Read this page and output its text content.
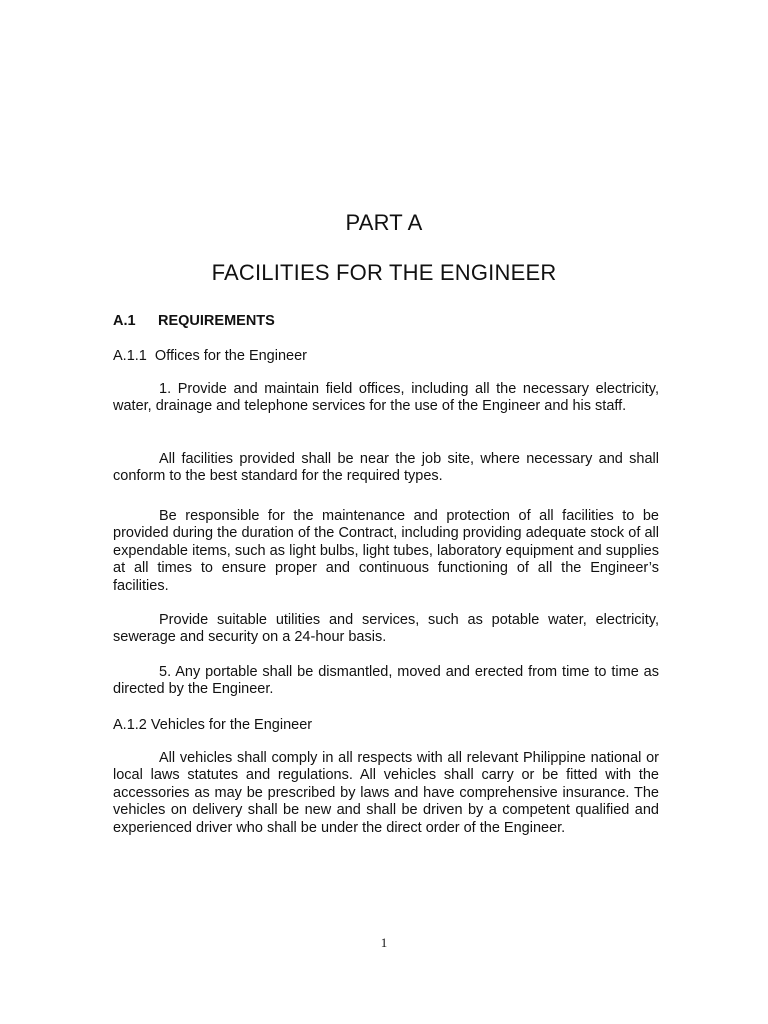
PART A
FACILITIES FOR THE ENGINEER
A.1 REQUIREMENTS
A.1.1  Offices for the Engineer

1. Provide and maintain field offices, including all the necessary electricity, water, drainage and telephone services for the use of the Engineer and his staff.

All facilities provided shall be near the job site, where necessary and shall conform to the best standard for the required types.

Be responsible for the maintenance and protection of all facilities to be provided during the duration of the Contract, including providing adequate stock of all expendable items, such as light bulbs, light tubes, laboratory equipment and supplies at all times to ensure proper and continuous functioning of all the Engineer’s facilities.

Provide suitable utilities and services, such as potable water, electricity, sewerage and security on a 24-hour basis.

5. Any portable shall be dismantled, moved and erected from time to time as directed by the Engineer.

A.1.2 Vehicles for the Engineer

All vehicles shall comply in all respects with all relevant Philippine national or local laws statutes and regulations. All vehicles shall carry or be fitted with the accessories as may be prescribed by laws and have comprehensive insurance. The vehicles on delivery shall be new and shall be driven by a competent qualified and experienced driver who shall be under the direct order of the Engineer.

1
